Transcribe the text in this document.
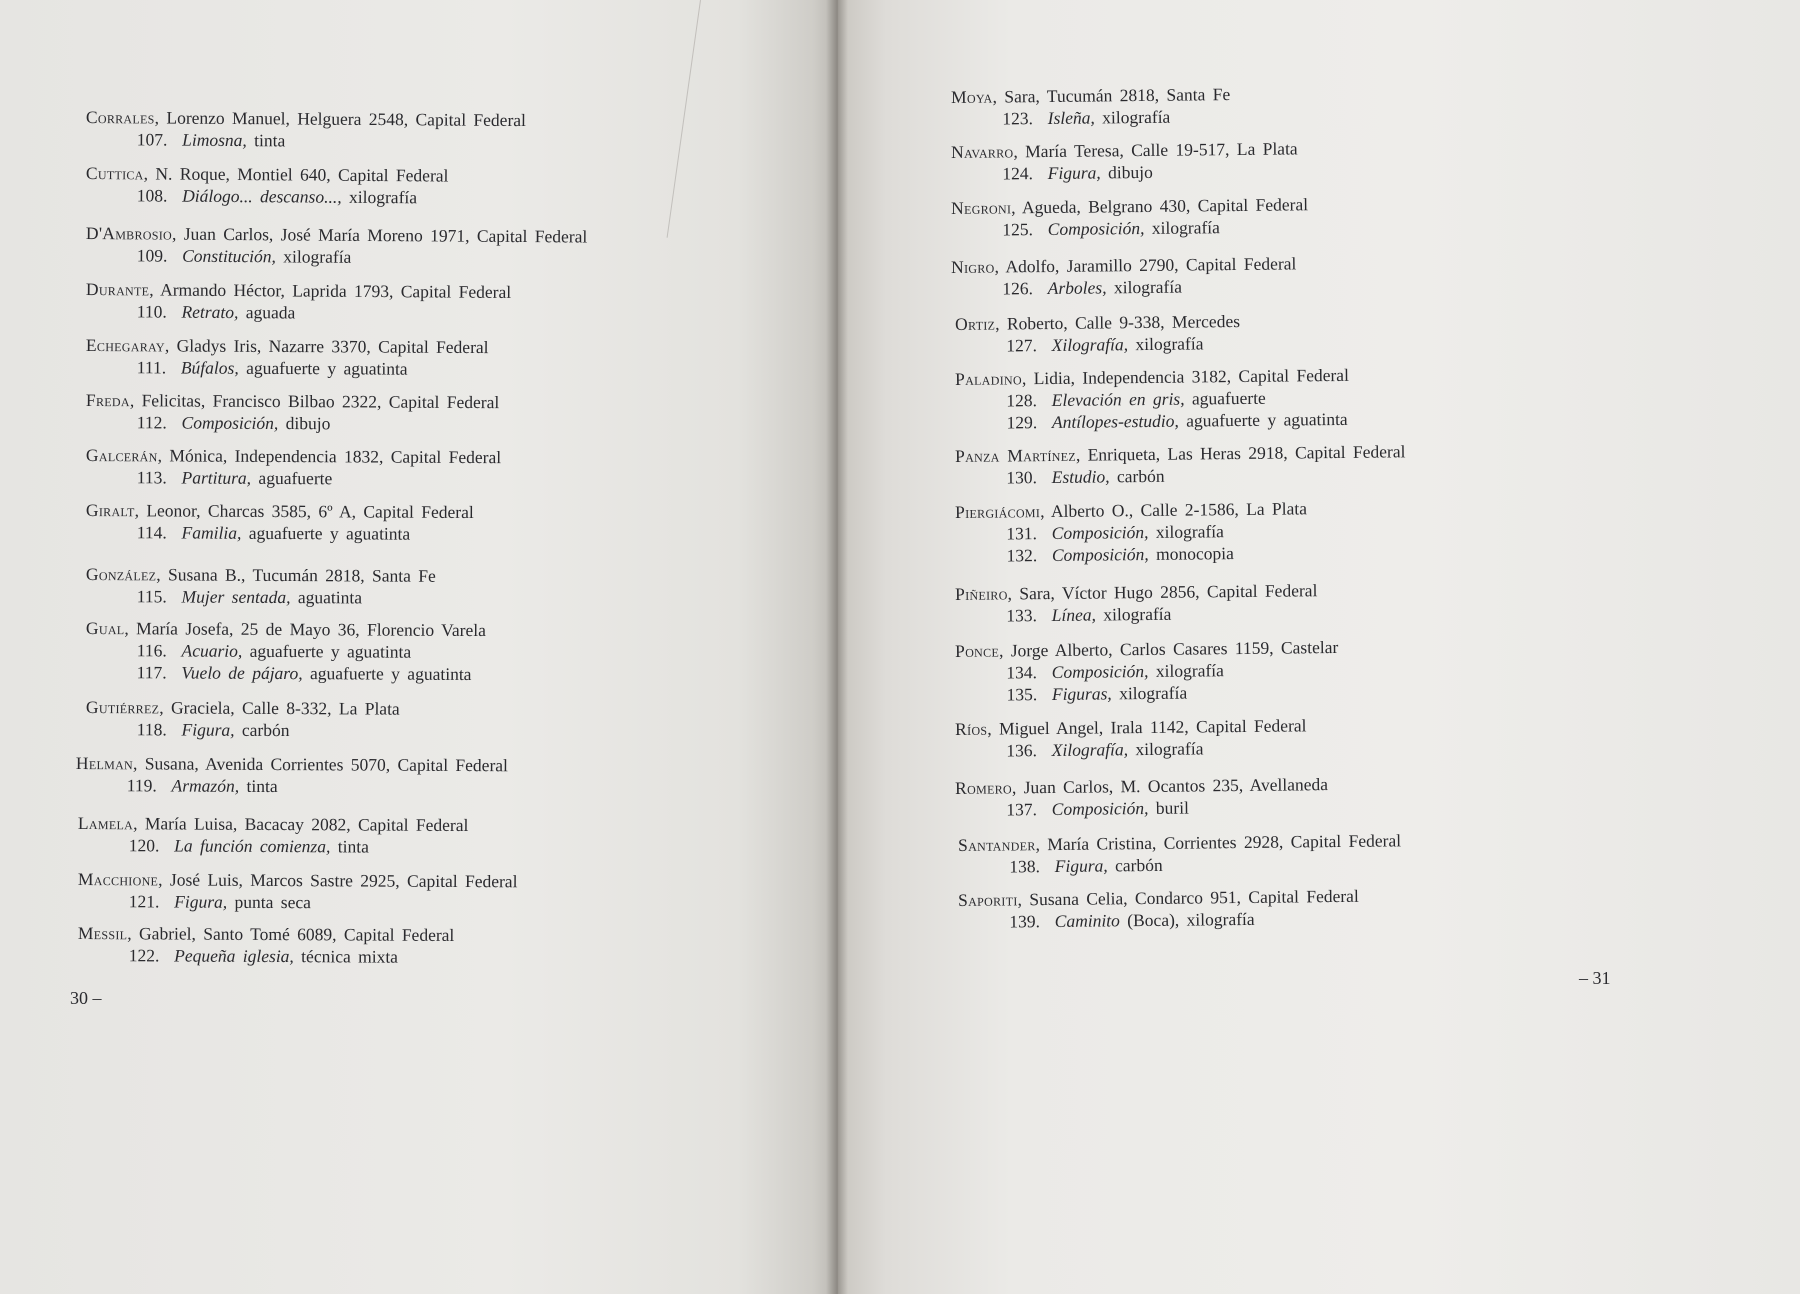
Corrales, Lorenzo Manuel, Helguera 2548, Capital Federal
107. Limosna, tinta
Cuttica, N. Roque, Montiel 640, Capital Federal
108. Diálogo... descanso..., xilografía
D'Ambrosio, Juan Carlos, José María Moreno 1971, Capital Federal
109. Constitución, xilografía
Durante, Armando Héctor, Laprida 1793, Capital Federal
110. Retrato, aguada
Echegaray, Gladys Iris, Nazarre 3370, Capital Federal
111. Búfalos, aguafuerte y aguatinta
Freda, Felicitas, Francisco Bilbao 2322, Capital Federal
112. Composición, dibujo
Galcerán, Mónica, Independencia 1832, Capital Federal
113. Partitura, aguafuerte
Giralt, Leonor, Charcas 3585, 6º A, Capital Federal
114. Familia, aguafuerte y aguatinta
González, Susana B., Tucumán 2818, Santa Fe
115. Mujer sentada, aguatinta
Gual, María Josefa, 25 de Mayo 36, Florencio Varela
116. Acuario, aguafuerte y aguatinta
117. Vuelo de pájaro, aguafuerte y aguatinta
Gutiérrez, Graciela, Calle 8-332, La Plata
118. Figura, carbón
Helman, Susana, Avenida Corrientes 5070, Capital Federal
119. Armazón, tinta
Lamela, María Luisa, Bacacay 2082, Capital Federal
120. La función comienza, tinta
Macchione, José Luis, Marcos Sastre 2925, Capital Federal
121. Figura, punta seca
Messil, Gabriel, Santo Tomé 6089, Capital Federal
122. Pequeña iglesia, técnica mixta
30 –
Moya, Sara, Tucumán 2818, Santa Fe
123. Isleña, xilografía
Navarro, María Teresa, Calle 19-517, La Plata
124. Figura, dibujo
Negroni, Agueda, Belgrano 430, Capital Federal
125. Composición, xilografía
Nigro, Adolfo, Jaramillo 2790, Capital Federal
126. Arboles, xilografía
Ortiz, Roberto, Calle 9-338, Mercedes
127. Xilografía, xilografía
Paladino, Lidia, Independencia 3182, Capital Federal
128. Elevación en gris, aguafuerte
129. Antílopes-estudio, aguafuerte y aguatinta
Panza Martínez, Enriqueta, Las Heras 2918, Capital Federal
130. Estudio, carbón
Piergiácomi, Alberto O., Calle 2-1586, La Plata
131. Composición, xilografía
132. Composición, monocopia
Piñeiro, Sara, Víctor Hugo 2856, Capital Federal
133. Línea, xilografía
Ponce, Jorge Alberto, Carlos Casares 1159, Castelar
134. Composición, xilografía
135. Figuras, xilografía
Ríos, Miguel Angel, Irala 1142, Capital Federal
136. Xilografía, xilografía
Romero, Juan Carlos, M. Ocantos 235, Avellaneda
137. Composición, buril
Santander, María Cristina, Corrientes 2928, Capital Federal
138. Figura, carbón
Saporiti, Susana Celia, Condarco 951, Capital Federal
139. Caminito (Boca), xilografía
– 31
